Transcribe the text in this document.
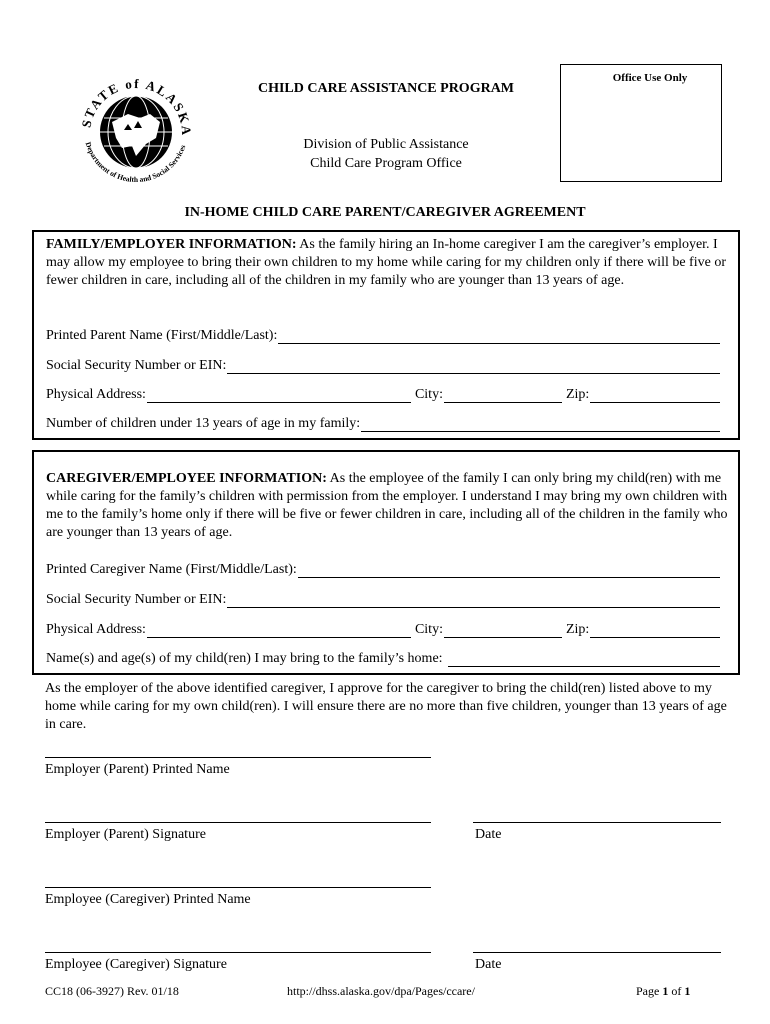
STATE of ALASKA
Department of Health and Social Services
CHILD CARE ASSISTANCE PROGRAM
Division of Public Assistance
Child Care Program Office
Office Use Only
IN-HOME CHILD CARE PARENT/CAREGIVER AGREEMENT
FAMILY/EMPLOYER INFORMATION: As the family hiring an In-home caregiver I am the caregiver’s employer. I may allow my employee to bring their own children to my home while caring for my children only if there will be five or fewer children in care, including all of the children in my family who are younger than 13 years of age.
Printed Parent Name (First/Middle/Last):
Social Security Number or EIN:
Physical Address:	City:	Zip:
Number of children under 13 years of age in my family:
CAREGIVER/EMPLOYEE INFORMATION: As the employee of the family I can only bring my child(ren) with me while caring for the family’s children with permission from the employer. I understand I may bring my own children with me to the family’s home only if there will be five or fewer children in care, including all of the children in the family who are younger than 13 years of age.
Printed Caregiver Name (First/Middle/Last):
Social Security Number or EIN:
Physical Address:	City:	Zip:
Name(s) and age(s) of my child(ren) I may bring to the family’s home:
As the employer of the above identified caregiver, I approve for the caregiver to bring the child(ren) listed above to my home while caring for my own child(ren). I will ensure there are no more than five children, younger than 13 years of age in care.
Employer (Parent) Printed Name
Employer (Parent) Signature	Date
Employee (Caregiver) Printed Name
Employee (Caregiver) Signature	Date
CC18 (06-3927) Rev. 01/18	http://dhss.alaska.gov/dpa/Pages/ccare/	Page 1 of 1
